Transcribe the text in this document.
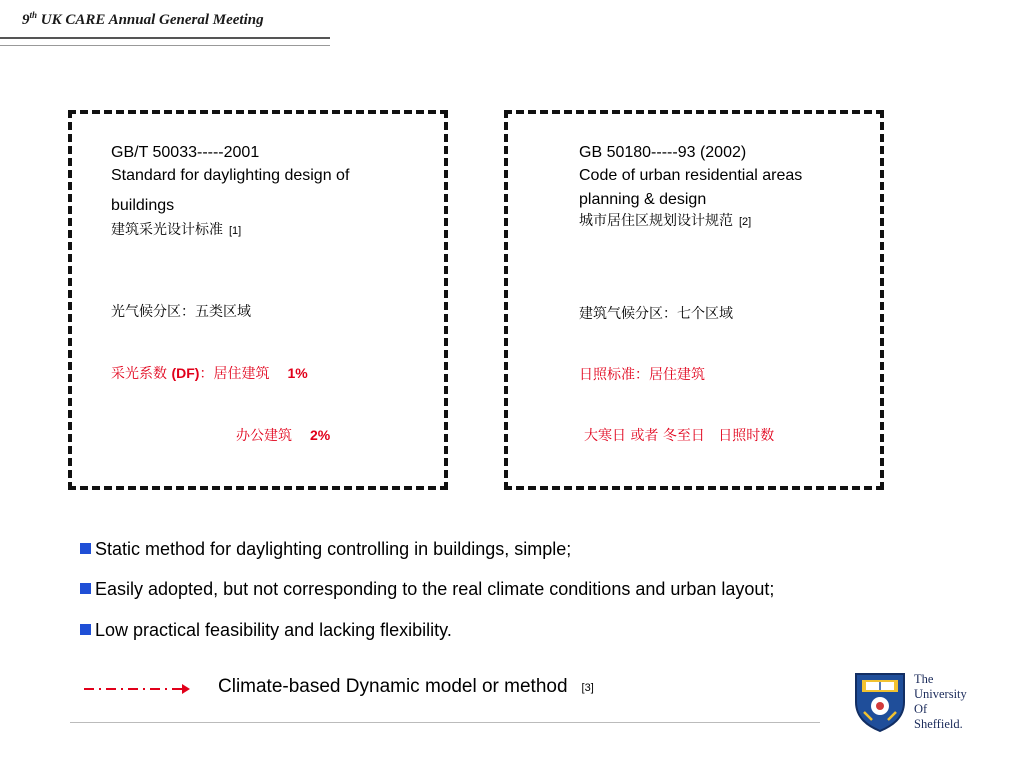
9th UK CARE Annual General Meeting
GB/T 50033-----2001
Standard for daylighting design of
buildings
建筑采光设计标准 [1]
光气候分区：五类区域
采光系数 (DF)：居住建筑 1%
办公建筑 2%
GB 50180-----93 (2002)
Code of urban residential areas
planning & design
城市居住区规划设计规范 [2]
建筑气候分区：七个区域
日照标准：居住建筑
大寒日 或者 冬至日   日照时数
Static method for daylighting controlling in buildings, simple;
Easily adopted, but not corresponding to the real climate conditions and urban layout;
Low practical feasibility and lacking flexibility.
Climate-based Dynamic model or method [3]
The
University
Of
Sheffield.
